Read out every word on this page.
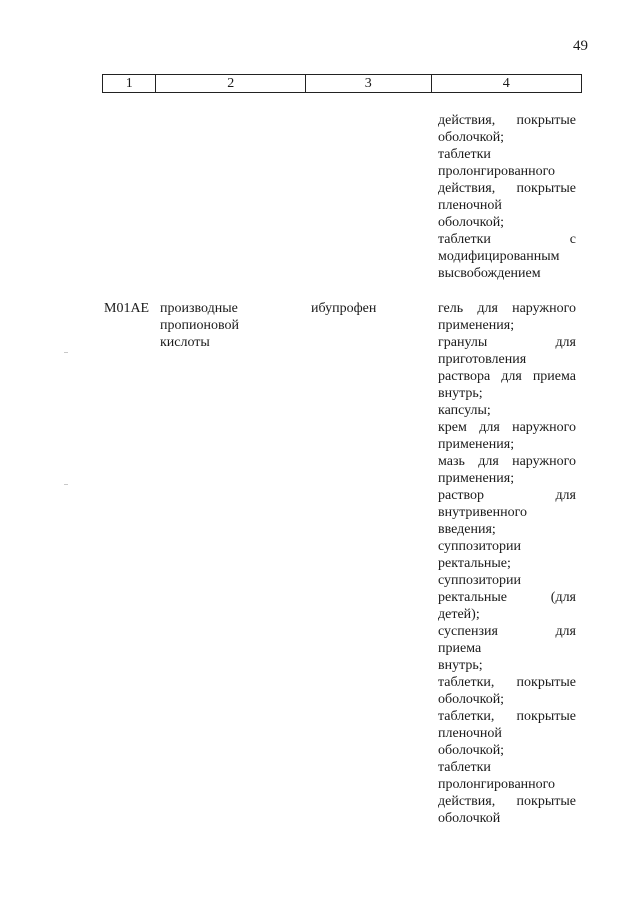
49
1	2	3	4
действия, покрытые
оболочкой;
таблетки
пролонгированного
действия, покрытые
пленочной
оболочкой;
таблетки	с
модифицированным
высвобождением
M01AE производные
пропионовой
кислоты
ибупрофен	гель для наружного
применения;
гранулы	для
приготовления
раствора для приема
внутрь;
капсулы;
крем для наружного
применения;
мазь для наружного
применения;
раствор	для
внутривенного
введения;
суппозитории
ректальные;
суппозитории
ректальные	(для
детей);
суспензия	для
приема
внутрь;
таблетки, покрытые
оболочкой;
таблетки, покрытые
пленочной
оболочкой;
таблетки
пролонгированного
действия, покрытые
оболочкой
